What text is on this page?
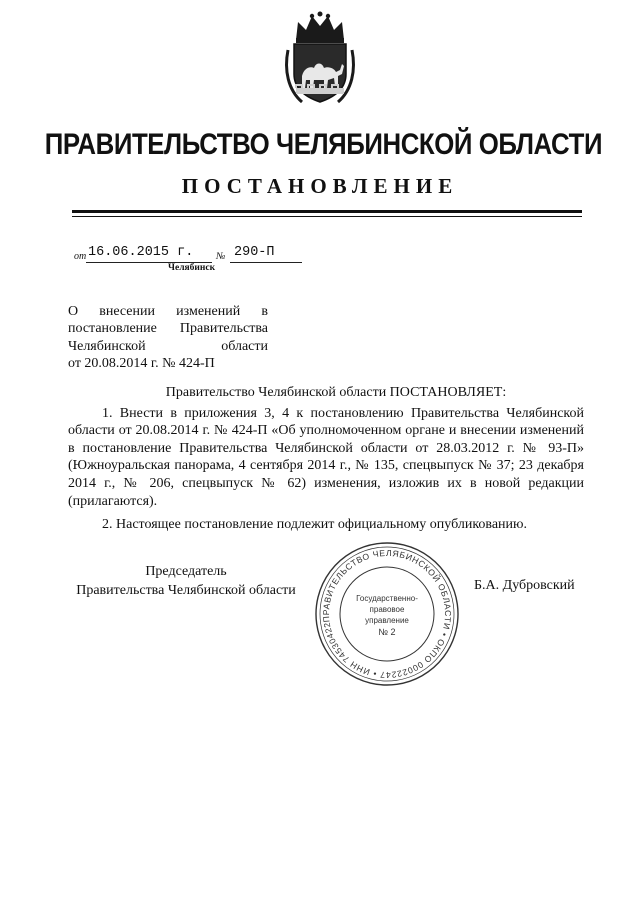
ПРАВИТЕЛЬСТВО ЧЕЛЯБИНСКОЙ ОБЛАСТИ
ПОСТАНОВЛЕНИЕ
от 16.06.2015 г. № 290-П
Челябинск
О внесении изменений в
постановление Правительства
Челябинской	области
от 20.08.2014 г. № 424-П
Правительство Челябинской области ПОСТАНОВЛЯЕТ:

1. Внести в приложения 3, 4 к постановлению Правительства Челябинской области от 20.08.2014 г. № 424-П «Об уполномоченном органе и внесении изменений в постановление Правительства Челябинской области от 28.03.2012 г. № 93-П» (Южноуральская панорама, 4 сентября 2014 г., № 135, спецвыпуск № 37; 23 декабря 2014 г., № 206, спецвыпуск № 62) изменения, изложив их в новой редакции (прилагаются).

2. Настоящее постановление подлежит официальному опубликованию.

Председатель
Правительства Челябинской области	Б.А. Дубровский
ПРАВИТЕЛЬСТВО ЧЕЛЯБИНСКОЙ ОБЛАСТИ • ОКПО 00022247 • ИНН 7453042227
Государственно-
правовое
управление
№ 2
